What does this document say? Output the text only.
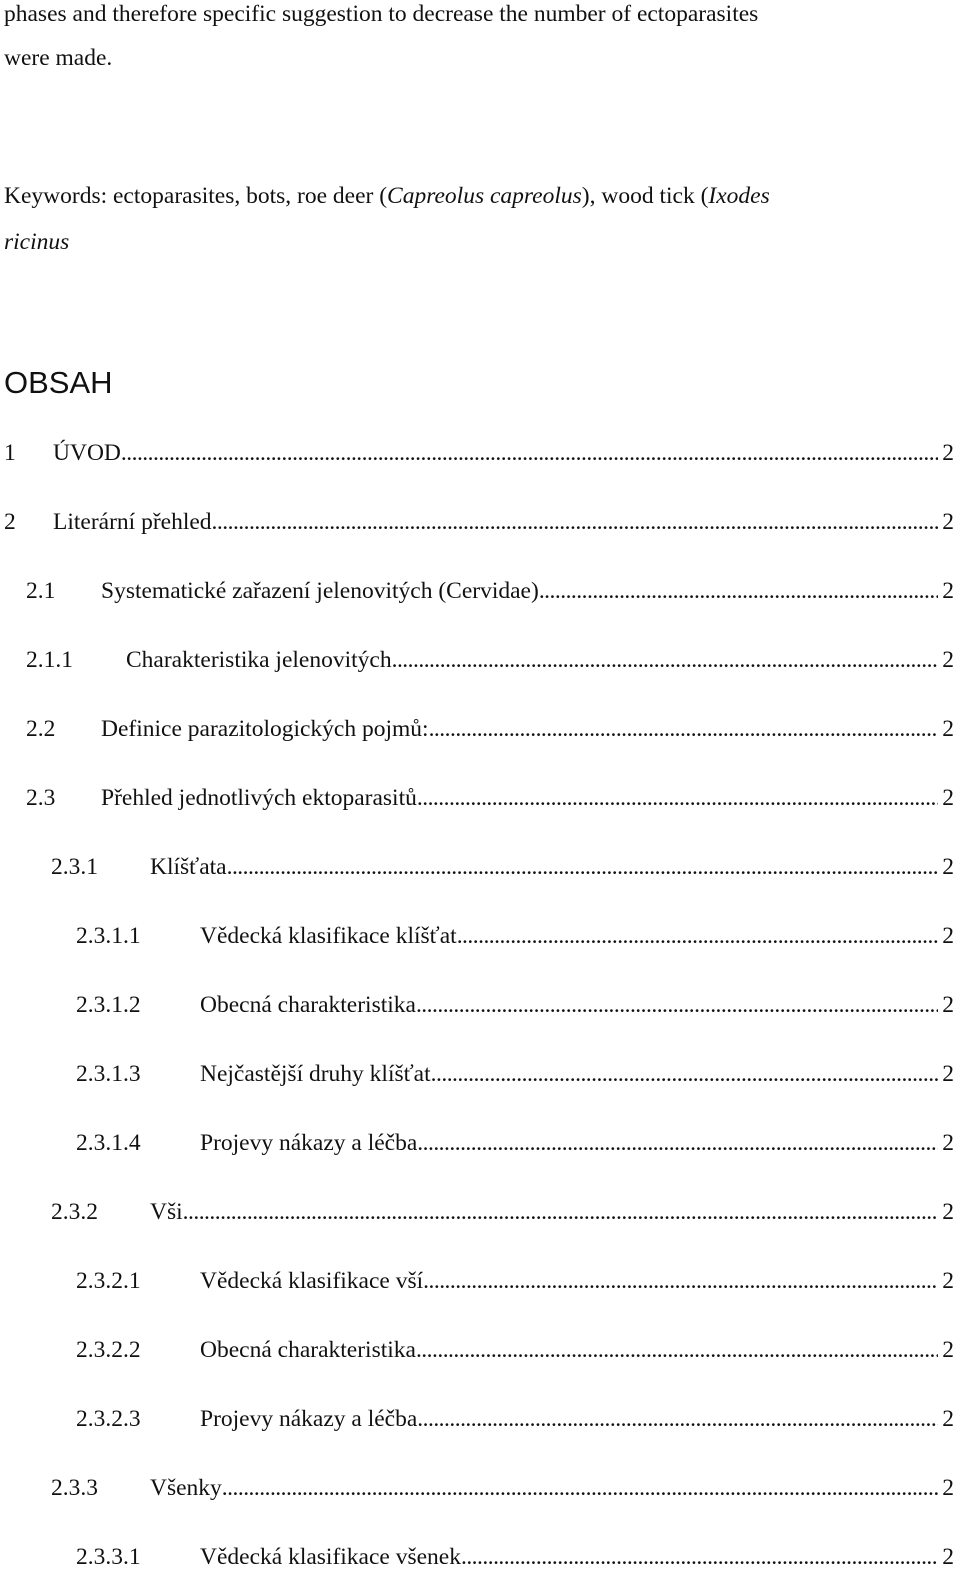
phases and therefore specific suggestion to decrease the number of ectoparasites
were made.
Keywords: ectoparasites, bots, roe deer (Capreolus capreolus), wood tick (Ixodes
ricinus
OBSAH
1	ÚVOD . . .	2
2	Literární přehled . . .	2
2.1	Systematické zařazení jelenovitých (Cervidae) . . .	2
2.1.1	Charakteristika jelenovitých . . .	2
2.2	Definice parazitologických pojmů: . . .	2
2.3	Přehled jednotlivých ektoparasitů . . .	2
2.3.1	Klíšťata . . .	2
2.3.1.1	Vědecká klasifikace klíšťat . . .	2
2.3.1.2	Obecná charakteristika . . .	2
2.3.1.3	Nejčastější druhy klíšťat . . .	2
2.3.1.4	Projevy nákazy a léčba . . .	2
2.3.2	Vši . . .	2
2.3.2.1	Vědecká klasifikace vší . . .	2
2.3.2.2	Obecná charakteristika . . .	2
2.3.2.3	Projevy nákazy a léčba . . .	2
2.3.3	Všenky . . .	2
2.3.3.1	Vědecká klasifikace všenek . . .	2
